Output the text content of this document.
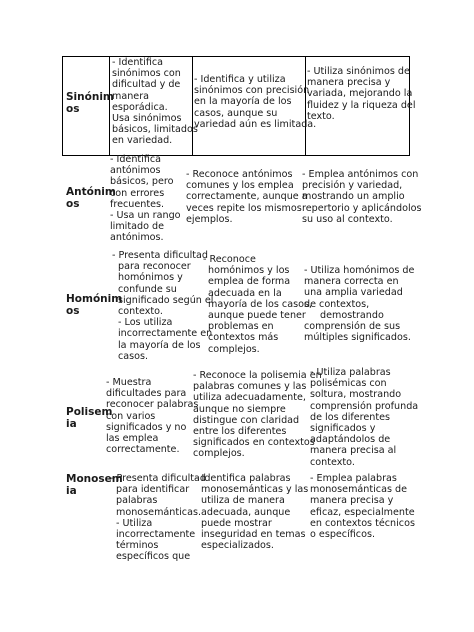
Sinónim
os
- Identifica
sinónimos con
dificultad y de
manera
esporádica.
Usa sinónimos
básicos, limitados
en variedad.
- Identifica y utiliza
sinónimos con precisión
en la mayoría de los
casos, aunque su
variedad aún es limitada.
- Utiliza sinónimos de
manera precisa y
variada, mejorando la
fluidez y la riqueza del
texto.
Antónim
os
- Identifica
antónimos
básicos, pero
con errores
frecuentes.
- Usa un rango
limitado de
antónimos.
- Reconoce antónimos
comunes y los emplea
correctamente, aunque a
veces repite los mismos
ejemplos.
- Emplea antónimos con
precisión y variedad,
mostrando un amplio
repertorio y aplicándolos
su uso al contexto.
Homónim
os
- Presenta dificultad
para reconocer
homónimos y
confunde su
significado según el
contexto.
- Los utiliza
incorrectamente en
la mayoría de los
casos.
- Reconoce
homónimos y los
emplea de forma
adecuada en la
mayoría de los casos,
aunque puede tener
problemas en
contextos más
complejos.
- Utiliza homónimos de
manera correcta en
una amplia variedad
de contextos,
demostrando
comprensión de sus
múltiples significados.
Polisem
ia
- Muestra
dificultades para
reconocer palabras
con varios
significados y no
las emplea
correctamente.
- Reconoce la polisemia en
palabras comunes y las
utiliza adecuadamente,
aunque no siempre
distingue con claridad
entre los diferentes
significados en contextos
complejos.
- Utiliza palabras
polisémicas con
soltura, mostrando
comprensión profunda
de los diferentes
significados y
adaptándolos de
manera precisa al
contexto.
Monosem
ia
- Presenta dificultad
para identificar
palabras
monosemánticas.
- Utiliza
incorrectamente
términos
específicos que
- Identifica palabras
monosemánticas y las
utiliza de manera
adecuada, aunque
puede mostrar
inseguridad en temas
especializados.
- Emplea palabras
monosemánticas de
manera precisa y
eficaz, especialmente
en contextos técnicos
o específicos.
